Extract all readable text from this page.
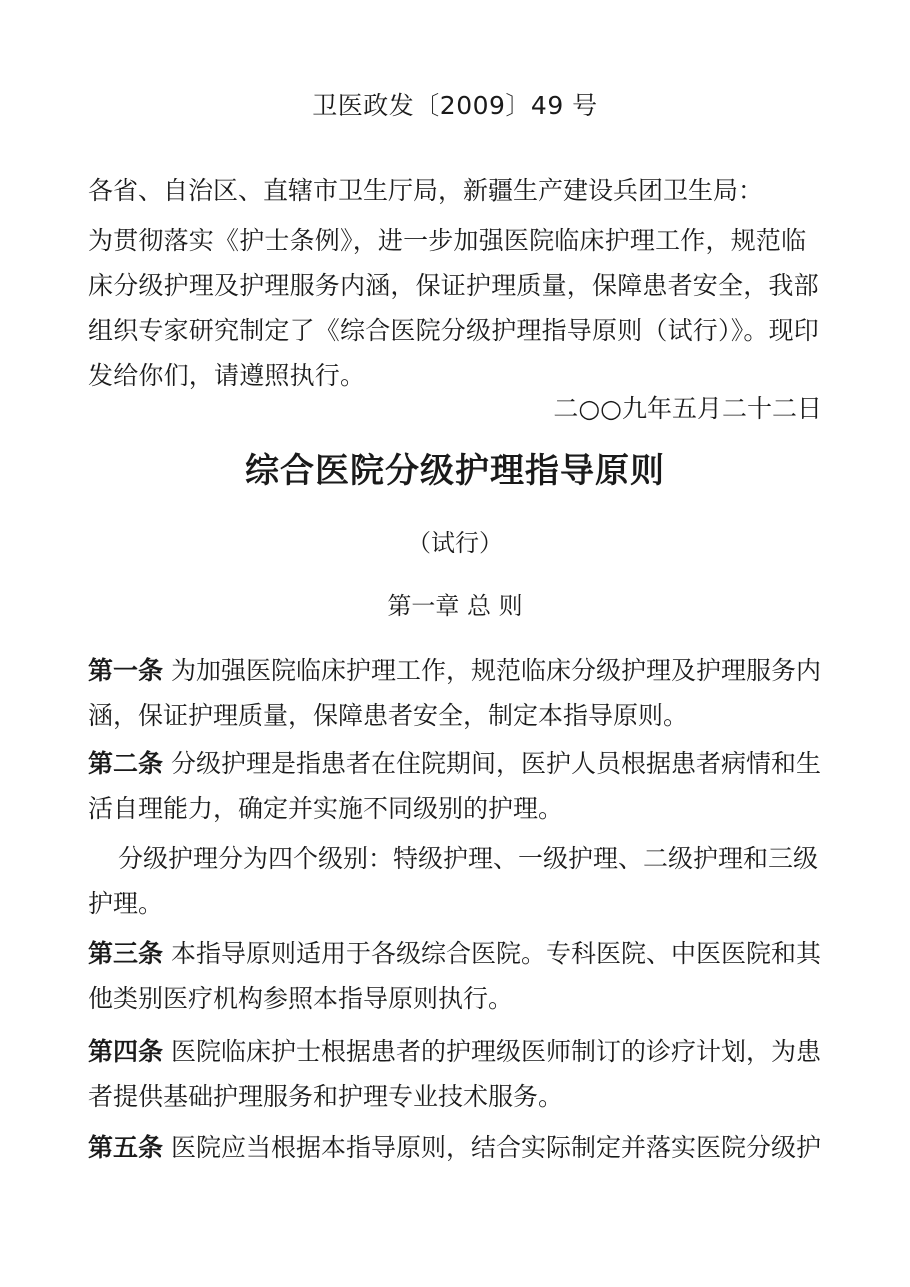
卫医政发〔2009〕49 号
各省、自治区、直辖市卫生厅局，新疆生产建设兵团卫生局：
为贯彻落实《护士条例》，进一步加强医院临床护理工作，规范临床分级护理及护理服务内涵，保证护理质量，保障患者安全，我部组织专家研究制定了《综合医院分级护理指导原则（试行）》。现印发给你们，请遵照执行。
二○○九年五月二十二日
综合医院分级护理指导原则
（试行）
第一章 总 则
第一条 为加强医院临床护理工作，规范临床分级护理及护理服务内涵，保证护理质量，保障患者安全，制定本指导原则。
第二条 分级护理是指患者在住院期间，医护人员根据患者病情和生活自理能力，确定并实施不同级别的护理。
分级护理分为四个级别：特级护理、一级护理、二级护理和三级护理。
第三条 本指导原则适用于各级综合医院。专科医院、中医医院和其他类别医疗机构参照本指导原则执行。
第四条 医院临床护士根据患者的护理级医师制订的诊疗计划，为患者提供基础护理服务和护理专业技术服务。
第五条 医院应当根据本指导原则，结合实际制定并落实医院分级护
